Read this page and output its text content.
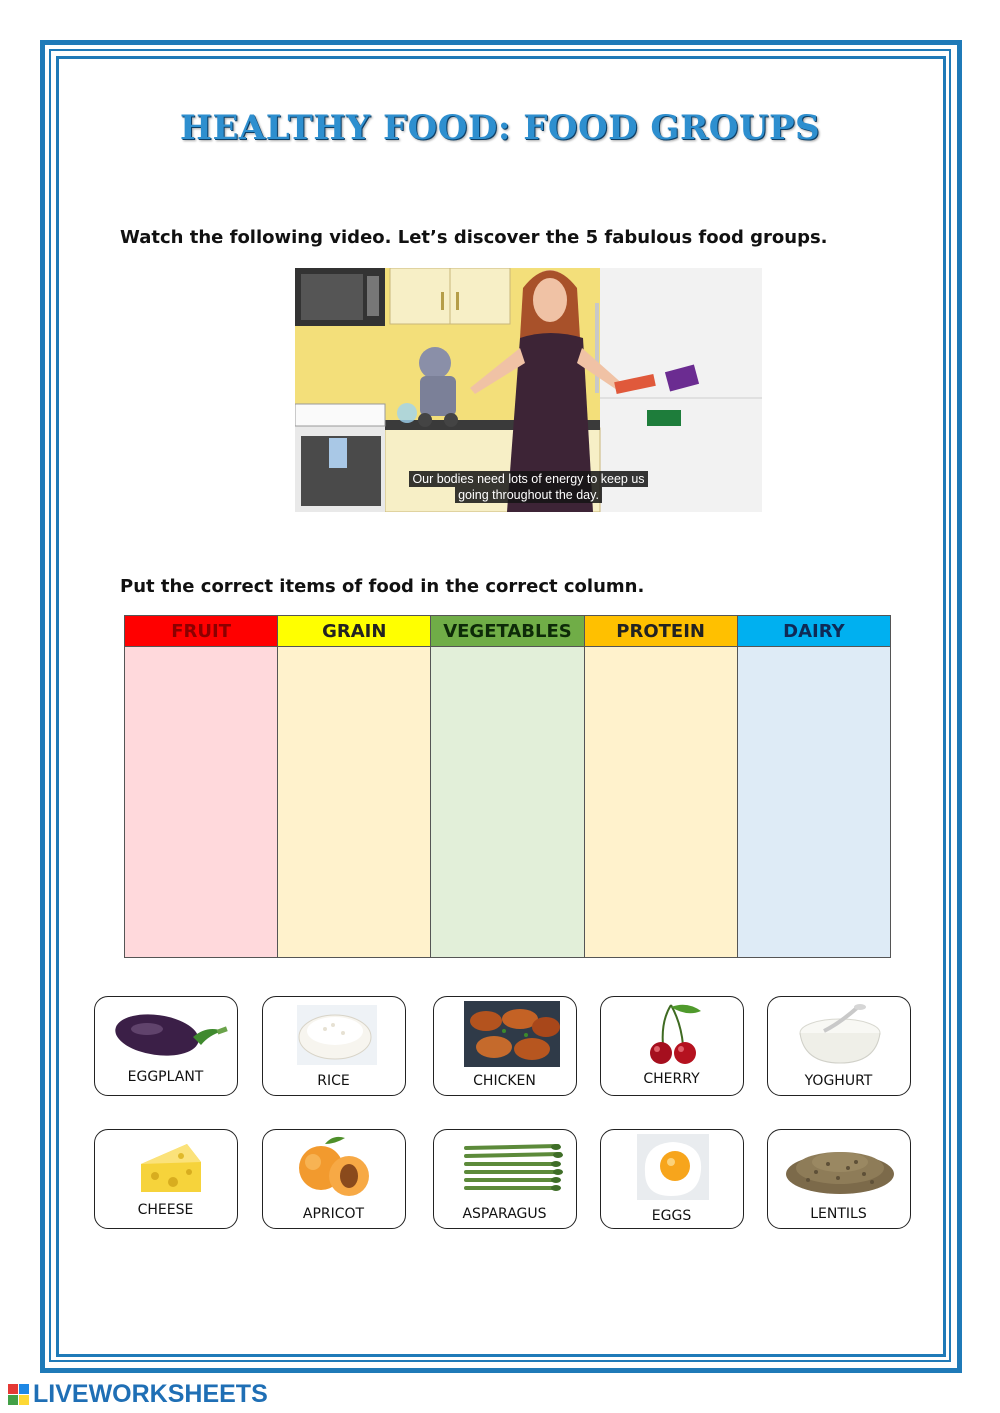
HEALTHY FOOD: FOOD GROUPS
Watch the following video. Let’s discover the 5 fabulous food groups.
Our bodies need lots of energy to keep us
going throughout the day.
Put the correct items of food in the correct column.
FRUIT	GRAIN	VEGETABLES	PROTEIN	DAIRY

EGGPLANT	RICE	CHICKEN	CHERRY	YOGHURT
CHEESE	APRICOT	ASPARAGUS	EGGS	LENTILS
LIVEWORKSHEETS
